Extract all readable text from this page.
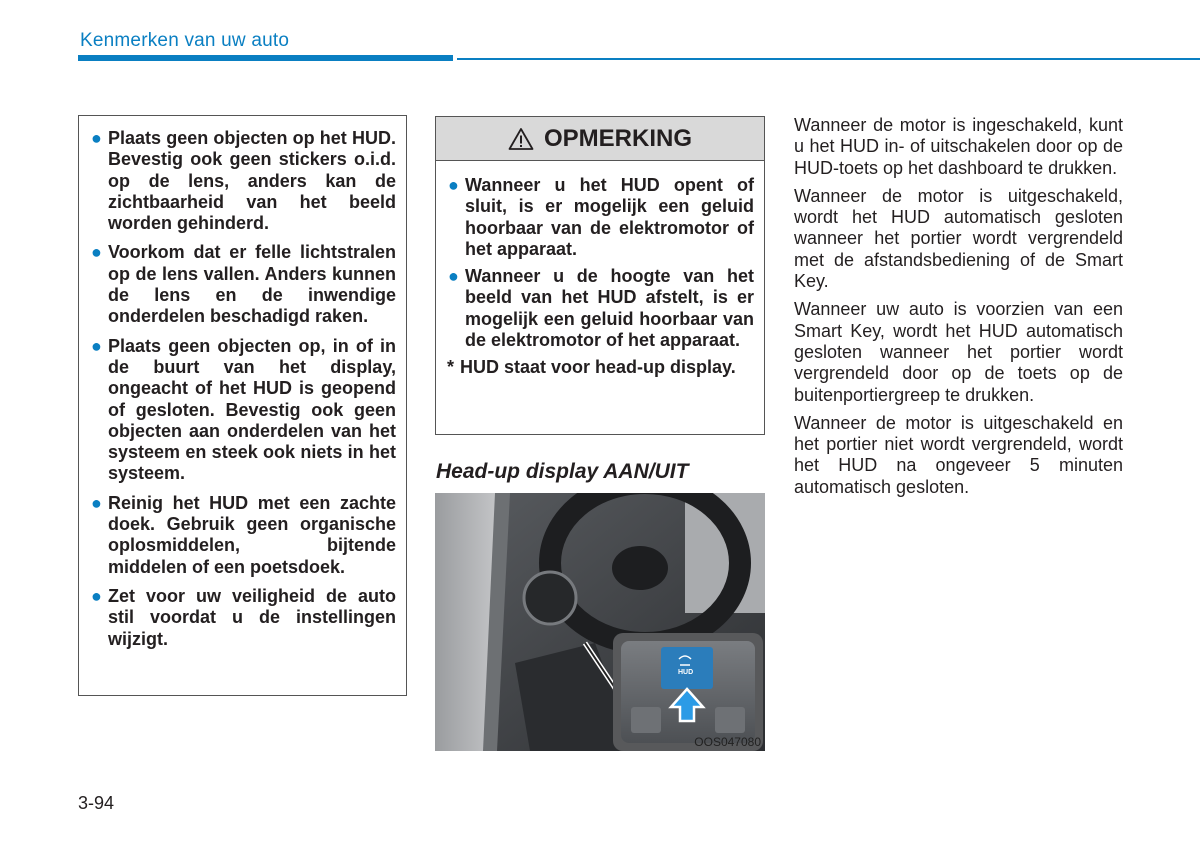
Kenmerken van uw auto
● Plaats geen objecten op het HUD. Bevestig ook geen stickers o.i.d. op de lens, anders kan de zichtbaarheid van het beeld worden gehinderd.
● Voorkom dat er felle lichtstralen op de lens vallen. Anders kunnen de lens en de inwendige onderdelen beschadigd raken.
● Plaats geen objecten op, in of in de buurt van het display, ongeacht of het HUD is geopend of gesloten. Bevestig ook geen objecten aan onderdelen van het systeem en steek ook niets in het systeem.
● Reinig het HUD met een zachte doek. Gebruik geen organische oplosmiddelen, bijtende middelen of een poetsdoek.
● Zet voor uw veiligheid de auto stil voordat u de instellingen wijzigt.
OPMERKING
● Wanneer u het HUD opent of sluit, is er mogelijk een geluid hoorbaar van de elektromotor of het apparaat.
● Wanneer u de hoogte van het beeld van het HUD afstelt, is er mogelijk een geluid hoorbaar van de elektromotor of het apparaat.
* HUD staat voor head-up display.
Head-up display AAN/UIT
HUD
OOS047080

Wanneer de motor is ingeschakeld, kunt u het HUD in- of uitschakelen door op de HUD-toets op het dashboard te drukken.

Wanneer de motor is uitgeschakeld, wordt het HUD automatisch gesloten wanneer het portier wordt vergrendeld met de afstandsbediening of de Smart Key.

Wanneer uw auto is voorzien van een Smart Key, wordt het HUD automatisch gesloten wanneer het portier wordt vergrendeld door op de toets op de buitenportiergreep te drukken.

Wanneer de motor is uitgeschakeld en het portier niet wordt vergrendeld, wordt het HUD na ongeveer 5 minuten automatisch gesloten.

3-94
